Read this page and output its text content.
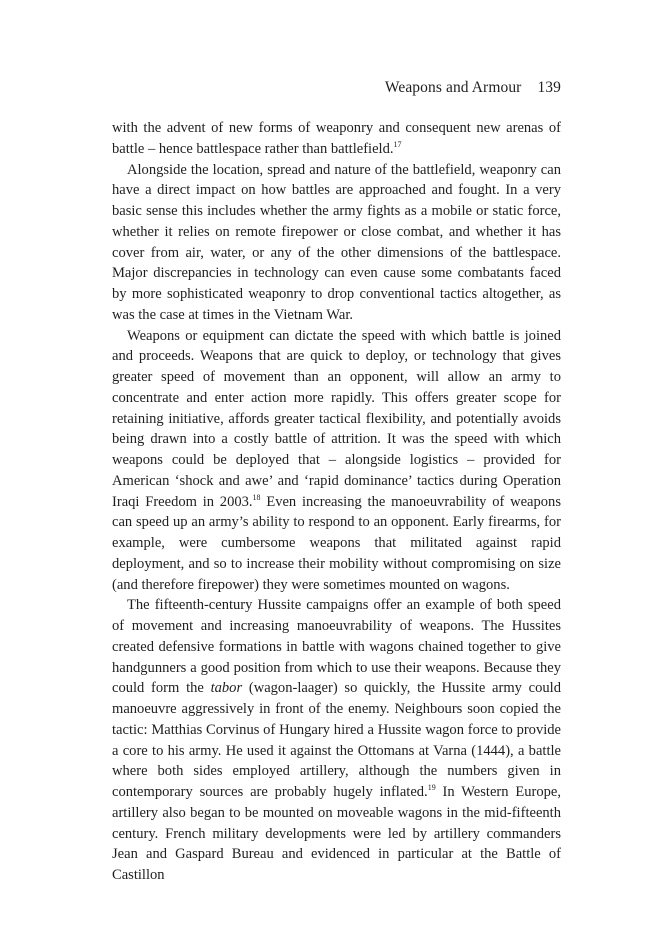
Weapons and Armour 139

with the advent of new forms of weaponry and consequent new arenas of battle – hence battlespace rather than battlefield.$^{17}$

Alongside the location, spread and nature of the battlefield, weaponry can have a direct impact on how battles are approached and fought. In a very basic sense this includes whether the army fights as a mobile or static force, whether it relies on remote firepower or close combat, and whether it has cover from air, water, or any of the other dimensions of the battlespace. Major discrepancies in technology can even cause some combatants faced by more sophisticated weaponry to drop conventional tactics altogether, as was the case at times in the Vietnam War.

Weapons or equipment can dictate the speed with which battle is joined and proceeds. Weapons that are quick to deploy, or technology that gives greater speed of movement than an opponent, will allow an army to concentrate and enter action more rapidly. This offers greater scope for retaining initiative, affords greater tactical flexibility, and potentially avoids being drawn into a costly battle of attrition. It was the speed with which weapons could be deployed that – alongside logistics – provided for American ‘shock and awe’ and ‘rapid dominance’ tactics during Operation Iraqi Freedom in 2003.18 Even increasing the manoeuvrability of weapons can speed up an army’s ability to respond to an opponent. Early firearms, for example, were cumbersome weapons that militated against rapid deployment, and so to increase their mobility without compromising on size (and therefore firepower) they were sometimes mounted on wagons.

The fifteenth-century Hussite campaigns offer an example of both speed of movement and increasing manoeuvrability of weapons. The Hussites created defensive formations in battle with wagons chained together to give handgunners a good position from which to use their weapons. Because they could form the tabor (wagon-laager) so quickly, the Hussite army could manoeuvre aggressively in front of the enemy. Neighbours soon copied the tactic: Matthias Corvinus of Hungary hired a Hussite wagon force to provide a core to his army. He used it against the Ottomans at Varna (1444), a battle where both sides employed artillery, although the numbers given in contemporary sources are probably hugely inflated.$^{19}$ In Western Europe, artillery also began to be mounted on moveable wagons in the mid-fifteenth century. French military developments were led by artillery commanders Jean and Gaspard Bureau and evidenced in particular at the Battle of Castillon
